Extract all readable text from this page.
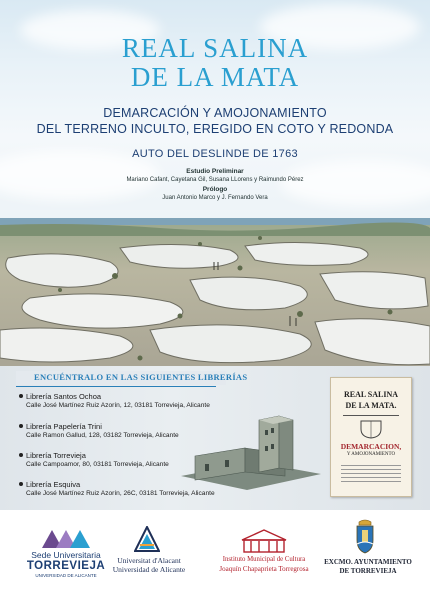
REAL SALINA
DE LA MATA
DEMARCACIÓN Y AMOJONAMIENTO
DEL TERRENO INCULTO, EREGIDO EN COTO Y REDONDA
AUTO DEL DESLINDE DE 1763
Estudio Preliminar
Mariano Cafant, Cayetana Gil, Susana LLorens y Raimundo Pérez
Prólogo
Juan Antonio Marco y J. Fernando Vera
ENCUÉNTRALO EN LAS SIGUIENTES LIBRERÍAS
Librería Santos Ochoa
Calle José Martínez Ruiz Azorín, 12, 03181 Torrevieja, Alicante
Librería Papelería Trini
Calle Ramon Gallud, 128, 03182 Torrevieja, Alicante
Librería Torrevieja
Calle Campoamor, 80, 03181 Torrevieja, Alicante
Librería Esquiva
Calle José Martínez Ruiz Azorín, 26C, 03181 Torrevieja, Alicante
REAL SALINA
DE LA MATA.
DEMARCACION,
Y AMOJONAMIENTO
Sede Universitaria
TORREVIEJA
UNIVERSIDAD DE ALICANTE
Universitat d'Alacant
Universidad de Alicante
Instituto Municipal de Cultura
Joaquín Chapaprieta Torregrosa
EXCMO. AYUNTAMIENTO
DE TORREVIEJA
